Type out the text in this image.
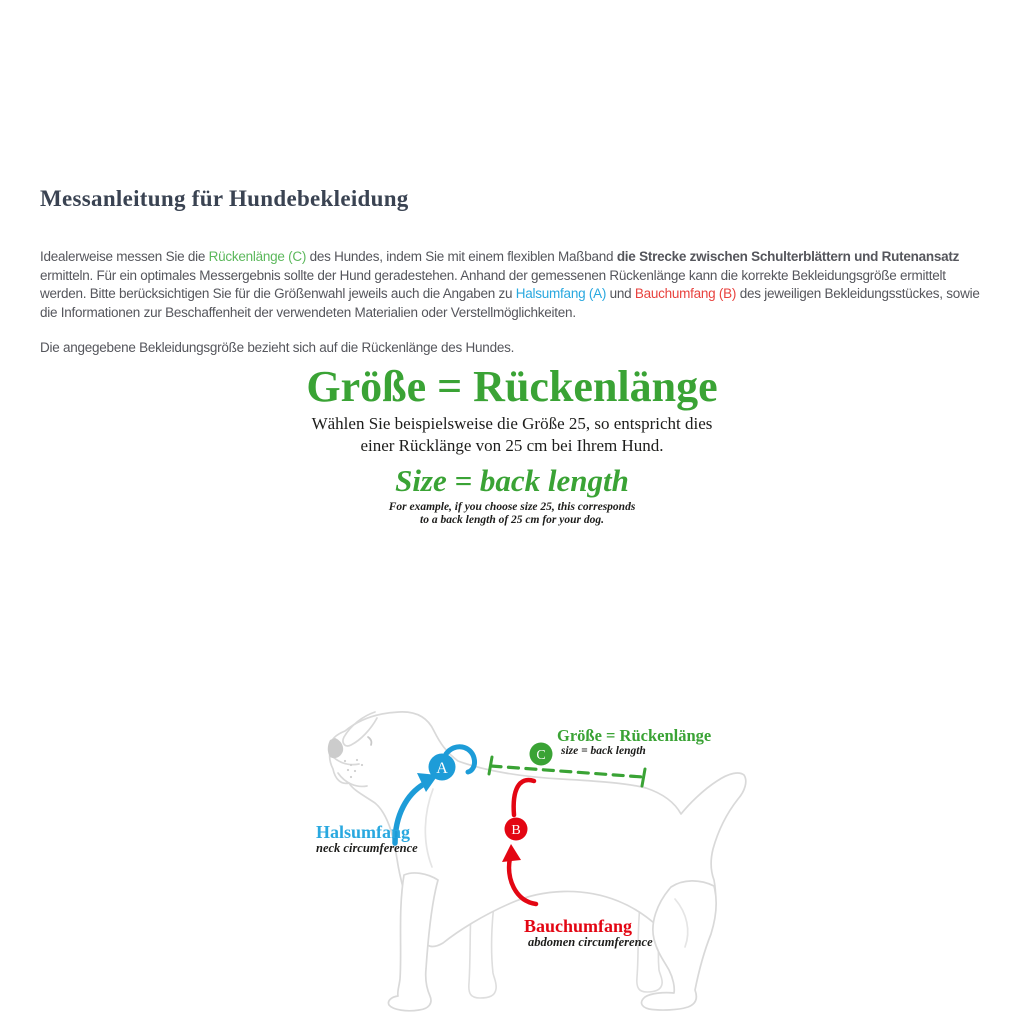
Messanleitung für Hundebekleidung

Idealerweise messen Sie die Rückenlänge (C) des Hundes, indem Sie mit einem flexiblen Maßband die Strecke zwischen Schulterblättern und Rutenansatz ermitteln. Für ein optimales Messergebnis sollte der Hund geradestehen. Anhand der gemessenen Rückenlänge kann die korrekte Bekleidungsgröße ermittelt werden. Bitte berücksichtigen Sie für die Größenwahl jeweils auch die Angaben zu Halsumfang (A) und Bauchumfang (B) des jeweiligen Bekleidungsstückes, sowie die Informationen zur Beschaffenheit der verwendeten Materialien oder Verstellmöglichkeiten.

Die angegebene Bekleidungsgröße bezieht sich auf die Rückenlänge des Hundes.

Größe = Rückenlänge
Wählen Sie beispielsweise die Größe 25, so entspricht dies
einer Rücklänge von 25 cm bei Ihrem Hund.
Size = back length
For example, if you choose size 25, this corresponds
to a back length of 25 cm for your dog.
A
B
C
Halsumfang
neck circumference
Größe = Rückenlänge
size = back length
Bauchumfang
abdomen circumference
